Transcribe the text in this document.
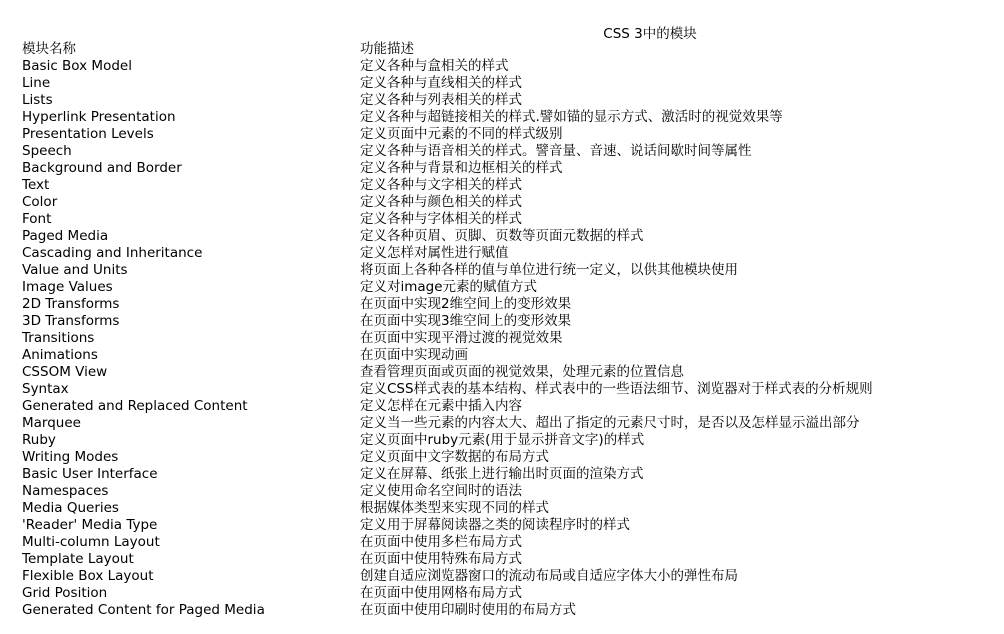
CSS 3中的模块
模块名称	功能描述
Basic Box Model	定义各种与盒相关的样式
Line	定义各种与直线相关的样式
Lists	定义各种与列表相关的样式
Hyperlink Presentation	定义各种与超链接相关的样式.譬如锚的显示方式、激活时的视觉效果等
Presentation Levels	定义页面中元素的不同的样式级别
Speech	定义各种与语音相关的样式。譬音量、音速、说话间歇时间等属性
Background and Border	定义各种与背景和边框相关的样式
Text	定义各种与文字相关的样式
Color	定义各种与颜色相关的样式
Font	定义各种与字体相关的样式
Paged Media	定义各种页眉、页脚、页数等页面元数据的样式
Cascading and Inheritance	定义怎样对属性进行赋值
Value and Units	将页面上各种各样的值与单位进行统一定义，以供其他模块使用
Image Values	定义对image元素的赋值方式
2D Transforms	在页面中实现2维空间上的变形效果
3D Transforms	在页面中实现3维空间上的变形效果
Transitions	在页面中实现平滑过渡的视觉效果
Animations	在页面中实现动画
CSSOM View	查看管理页面或页面的视觉效果，处理元素的位置信息
Syntax	定义CSS样式表的基本结构、样式表中的一些语法细节、浏览器对于样式表的分析规则
Generated and Replaced Content	定义怎样在元素中插入内容
Marquee	定义当一些元素的内容太大、超出了指定的元素尺寸时，是否以及怎样显示溢出部分
Ruby	定义页面中ruby元素(用于显示拼音文字)的样式
Writing Modes	定义页面中文字数据的布局方式
Basic User Interface	定义在屏幕、纸张上进行输出时页面的渲染方式
Namespaces	定义使用命名空间时的语法
Media Queries	根据媒体类型来实现不同的样式
'Reader' Media Type	定义用于屏幕阅读器之类的阅读程序时的样式
Multi-column Layout	在页面中使用多栏布局方式
Template Layout	在页面中使用特殊布局方式
Flexible Box Layout	创建自适应浏览器窗口的流动布局或自适应字体大小的弹性布局
Grid Position	在页面中使用网格布局方式
Generated Content for Paged Media	在页面中使用印刷时使用的布局方式
